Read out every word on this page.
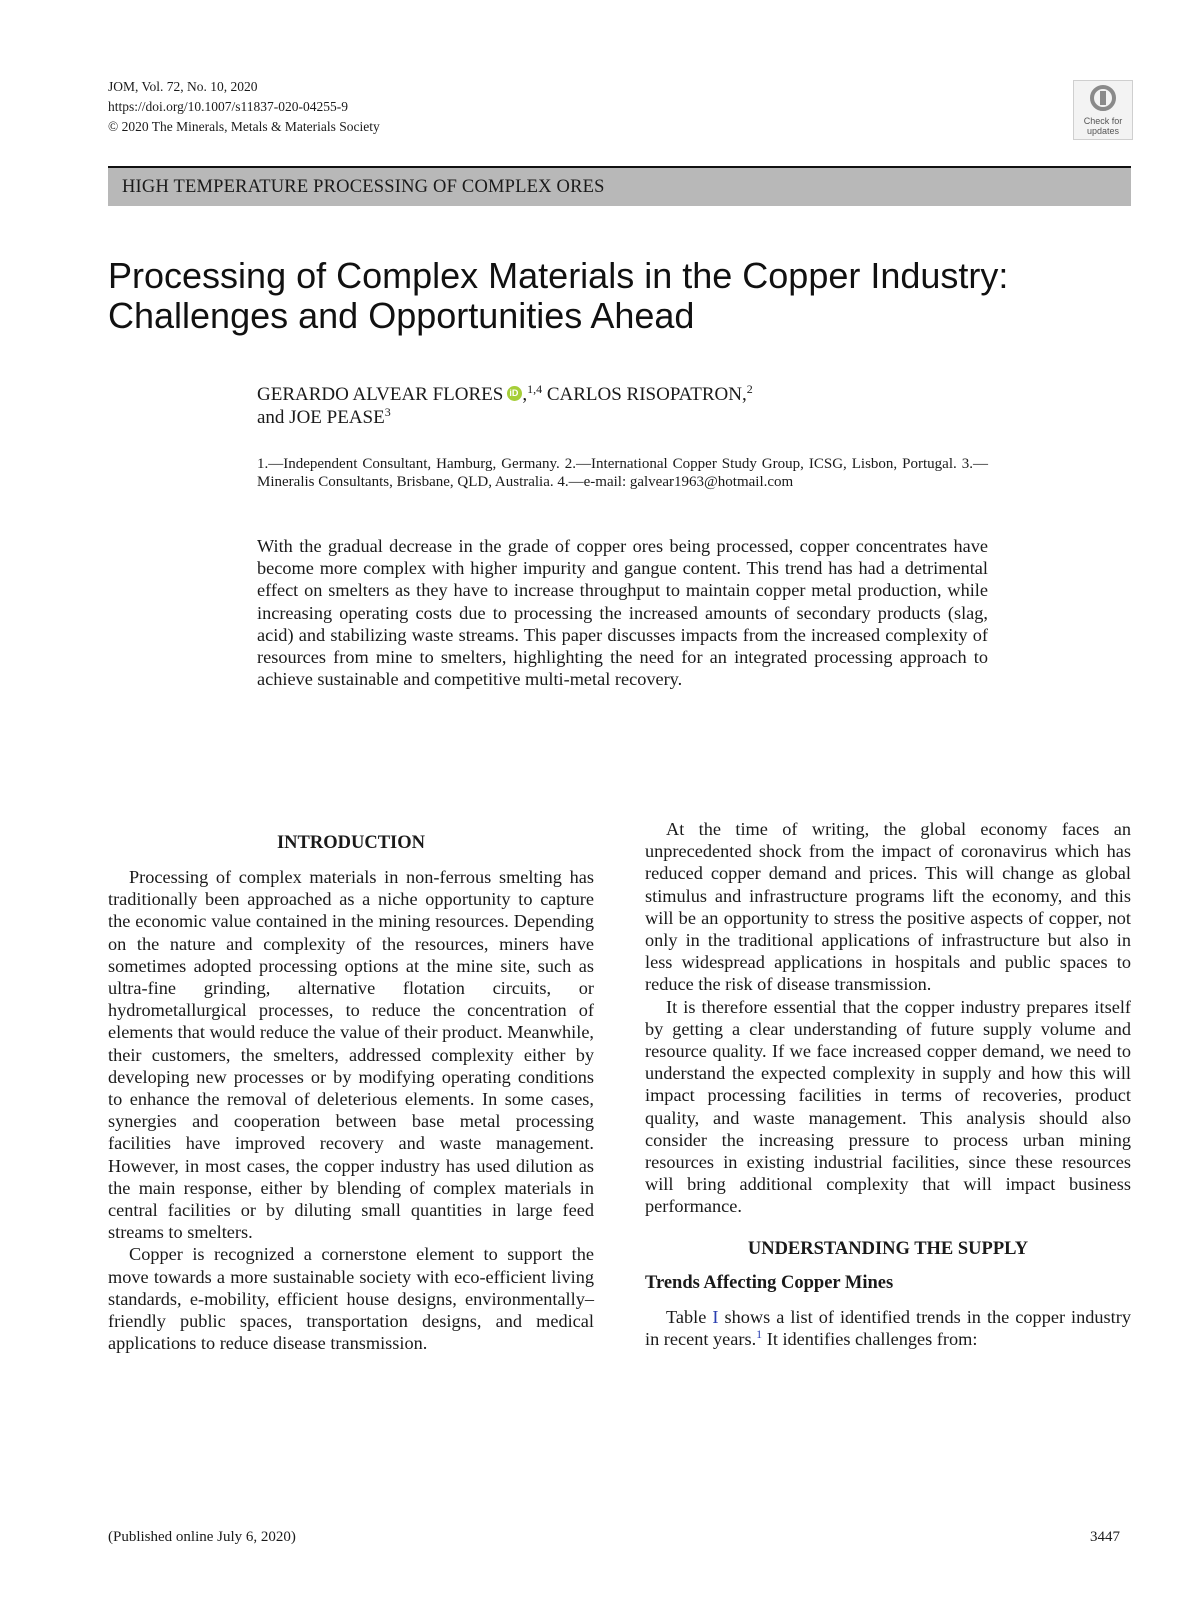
JOM, Vol. 72, No. 10, 2020
https://doi.org/10.1007/s11837-020-04255-9
© 2020 The Minerals, Metals & Materials Society	Check for
updates
HIGH TEMPERATURE PROCESSING OF COMPLEX ORES
Processing of Complex Materials in the Copper Industry:
Challenges and Opportunities Ahead
GERARDO ALVEAR FLORESiD ,$^{1,4}$ CARLOS RISOPATRON,$^2$
and JOE PEASE$^3$
1.—Independent Consultant, Hamburg, Germany. 2.—International Copper Study Group, ICSG, Lisbon, Portugal. 3.—Mineralis Consultants, Brisbane, QLD, Australia. 4.—e-mail: galvear1963@hotmail.com
With the gradual decrease in the grade of copper ores being processed, copper concentrates have become more complex with higher impurity and gangue content. This trend has had a detrimental effect on smelters as they have to increase throughput to maintain copper metal production, while increasing operating costs due to processing the increased amounts of secondary products (slag, acid) and stabilizing waste streams. This paper discusses impacts from the increased complexity of resources from mine to smelters, highlighting the need for an integrated processing approach to achieve sustainable and competitive multi-metal recovery.
INTRODUCTION

Processing of complex materials in non-ferrous smelting has traditionally been approached as a niche opportunity to capture the economic value contained in the mining resources. Depending on the nature and complexity of the resources, miners have sometimes adopted processing options at the mine site, such as ultra-fine grinding, alternative flotation circuits, or hydrometallurgical processes, to reduce the concentration of elements that would reduce the value of their product. Meanwhile, their customers, the smelters, addressed complexity either by developing new processes or by modifying operating conditions to enhance the removal of deleterious elements. In some cases, synergies and cooperation between base metal processing facilities have improved recovery and waste management. However, in most cases, the copper industry has used dilution as the main response, either by blending of complex materials in central facilities or by diluting small quantities in large feed streams to smelters.

Copper is recognized a cornerstone element to support the move towards a more sustainable society with eco-efficient living standards, e-mobility, efficient house designs, environmentally–friendly public spaces, transportation designs, and medical applications to reduce disease transmission.

At the time of writing, the global economy faces an unprecedented shock from the impact of coronavirus which has reduced copper demand and prices. This will change as global stimulus and infrastructure programs lift the economy, and this will be an opportunity to stress the positive aspects of copper, not only in the traditional applications of infrastructure but also in less widespread applications in hospitals and public spaces to reduce the risk of disease transmission.

It is therefore essential that the copper industry prepares itself by getting a clear understanding of future supply volume and resource quality. If we face increased copper demand, we need to understand the expected complexity in supply and how this will impact processing facilities in terms of recoveries, product quality, and waste management. This analysis should also consider the increasing pressure to process urban mining resources in existing industrial facilities, since these resources will bring additional complexity that will impact business performance.

UNDERSTANDING THE SUPPLY
Trends Affecting Copper Mines

Table I shows a list of identified trends in the copper industry in recent years.$^1$ It identifies challenges from:

(Published online July 6, 2020)	3447
